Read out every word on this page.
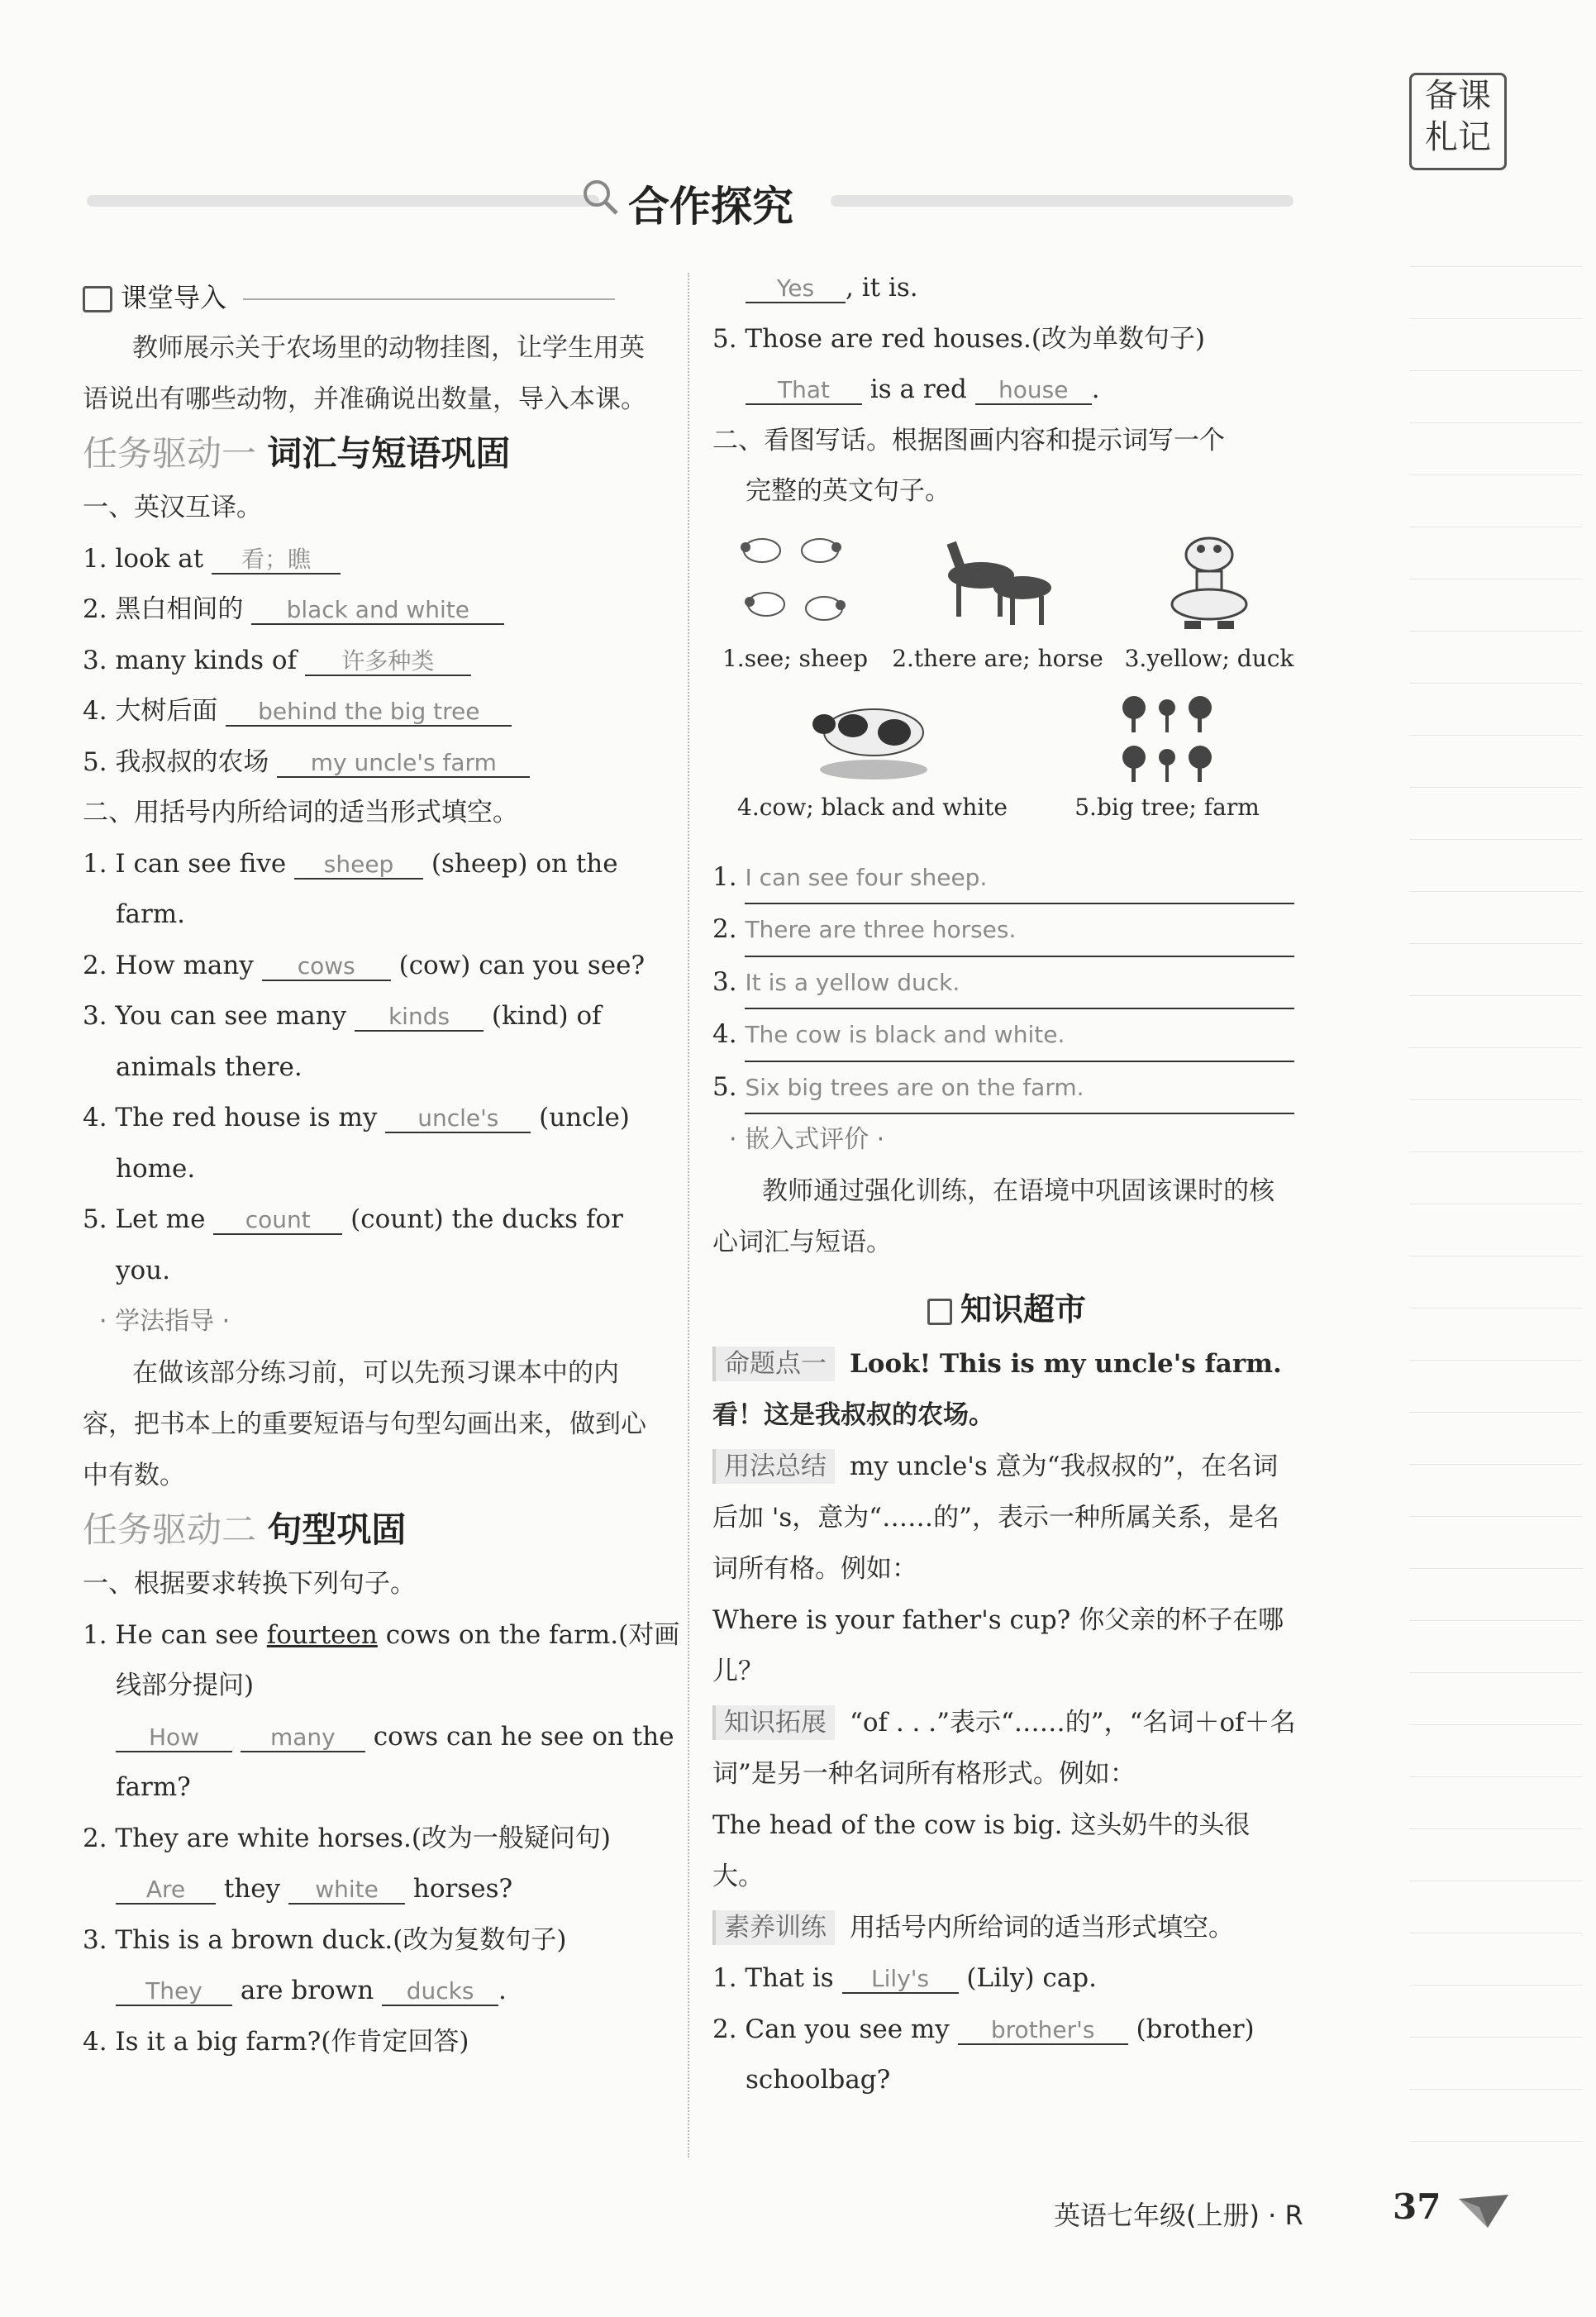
备课
札记
合作探究
课堂导入
教师展示关于农场里的动物挂图，让学生用英语说出有哪些动物，并准确说出数量，导入本课。
任务驱动一 词汇与短语巩固
一、英汉互译。
1. look at 看；瞧
2. 黑白相间的 black and white
3. many kinds of 许多种类
4. 大树后面 behind the big tree
5. 我叔叔的农场 my uncle's farm
二、用括号内所给词的适当形式填空。
1. I can see five sheep (sheep) on the
farm.
2. How many cows (cow) can you see?
3. You can see many kinds (kind) of
animals there.
4. The red house is my uncle's (uncle)
home.
5. Let me count (count) the ducks for
you.
· 学法指导 ·
在做该部分练习前，可以先预习课本中的内容，把书本上的重要短语与句型勾画出来，做到心中有数。
任务驱动二 句型巩固
一、根据要求转换下列句子。
1. He can see fourteen cows on the farm.(对画
线部分提问)
How	many cows can he see on the
farm?
2. They are white horses.(改为一般疑问句)
Are they white horses?
3. This is a brown duck.(改为复数句子)
They are brown ducks .
4. Is it a big farm?(作肯定回答)
Yes , it is.
5. Those are red houses.(改为单数句子)
That is a red house .
二、看图写话。根据图画内容和提示词写一个
完整的英文句子。
1.see; sheep	2.there are; horse 3.yellow; duck
4.cow; black and white	5.big tree; farm
1. I can see four sheep.
2. There are three horses.
3. It is a yellow duck.
4. The cow is black and white.
5. Six big trees are on the farm.
· 嵌入式评价 ·
教师通过强化训练，在语境中巩固该课时的核心词汇与短语。
知识超市
命题点一 Look! This is my uncle's farm.
看！这是我叔叔的农场。
用法总结 my uncle's 意为“我叔叔的”，在名词后加 's，意为“……的”，表示一种所属关系，是名词所有格。例如：
Where is your father's cup? 你父亲的杯子在哪儿？
知识拓展 “of . . .”表示“……的”，“名词＋of＋名词”是另一种名词所有格形式。例如：
The head of the cow is big. 这头奶牛的头很大。
素养训练 用括号内所给词的适当形式填空。
1. That is Lily's (Lily) cap.
2. Can you see my brother's (brother)
schoolbag?
英语七年级(上册) · R	37
